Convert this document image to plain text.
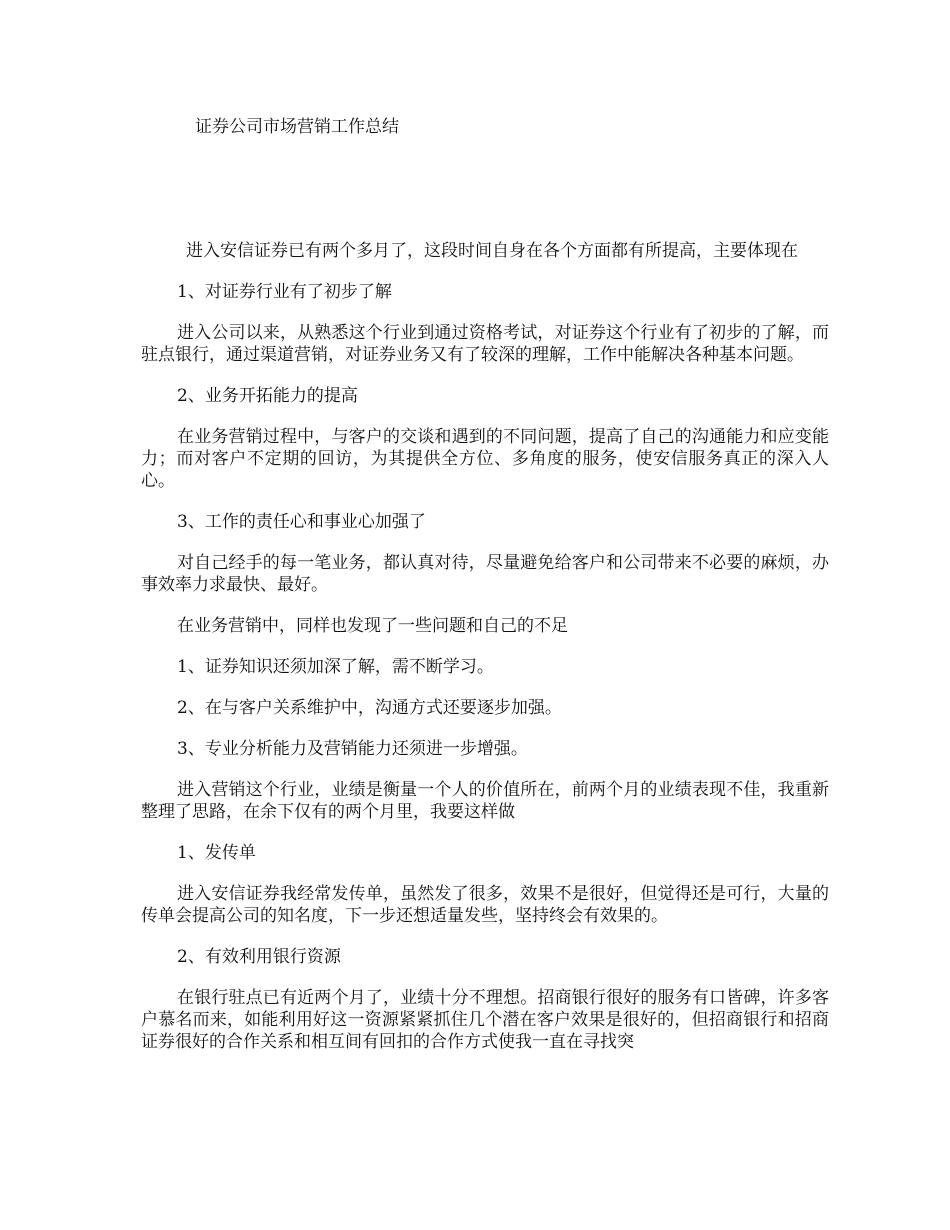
证券公司市场营销工作总结

进入安信证券已有两个多月了，这段时间自身在各个方面都有所提高，主要体现在

1、对证券行业有了初步了解

进入公司以来，从熟悉这个行业到通过资格考试，对证券这个行业有了初步的了解，而驻点银行，通过渠道营销，对证券业务又有了较深的理解，工作中能解决各种基本问题。

2、业务开拓能力的提高

在业务营销过程中，与客户的交谈和遇到的不同问题，提高了自己的沟通能力和应变能力；而对客户不定期的回访，为其提供全方位、多角度的服务，使安信服务真正的深入人心。

3、工作的责任心和事业心加强了

对自己经手的每一笔业务，都认真对待，尽量避免给客户和公司带来不必要的麻烦，办事效率力求最快、最好。

在业务营销中，同样也发现了一些问题和自己的不足

1、证券知识还须加深了解，需不断学习。

2、在与客户关系维护中，沟通方式还要逐步加强。

3、专业分析能力及营销能力还须进一步增强。

进入营销这个行业，业绩是衡量一个人的价值所在，前两个月的业绩表现不佳，我重新整理了思路，在余下仅有的两个月里，我要这样做

1、发传单

进入安信证券我经常发传单，虽然发了很多，效果不是很好，但觉得还是可行，大量的传单会提高公司的知名度，下一步还想适量发些，坚持终会有效果的。

2、有效利用银行资源

在银行驻点已有近两个月了，业绩十分不理想。招商银行很好的服务有口皆碑，许多客户慕名而来，如能利用好这一资源紧紧抓住几个潜在客户效果是很好的，但招商银行和招商证券很好的合作关系和相互间有回扣的合作方式使我一直在寻找突
